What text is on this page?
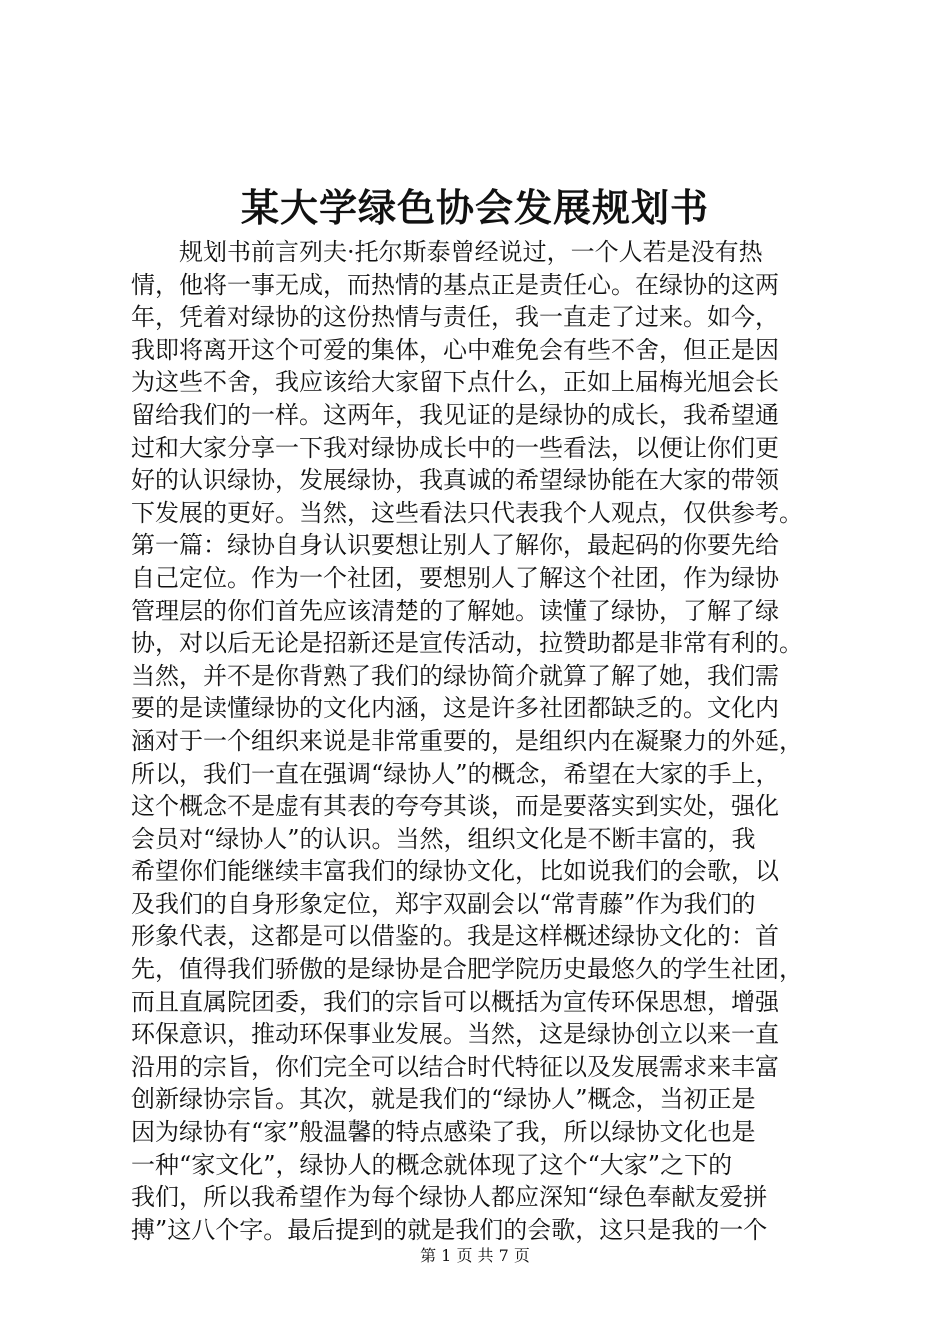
某大学绿色协会发展规划书
　　规划书前言列夫·托尔斯泰曾经说过，一个人若是没有热
情，他将一事无成，而热情的基点正是责任心。在绿协的这两
年，凭着对绿协的这份热情与责任，我一直走了过来。如今，
我即将离开这个可爱的集体，心中难免会有些不舍，但正是因
为这些不舍，我应该给大家留下点什么，正如上届梅光旭会长
留给我们的一样。这两年，我见证的是绿协的成长，我希望通
过和大家分享一下我对绿协成长中的一些看法，以便让你们更
好的认识绿协，发展绿协，我真诚的希望绿协能在大家的带领
下发展的更好。当然，这些看法只代表我个人观点，仅供参考。
第一篇：绿协自身认识要想让别人了解你，最起码的你要先给
自己定位。作为一个社团，要想别人了解这个社团，作为绿协
管理层的你们首先应该清楚的了解她。读懂了绿协，了解了绿
协，对以后无论是招新还是宣传活动，拉赞助都是非常有利的。
当然，并不是你背熟了我们的绿协简介就算了解了她，我们需
要的是读懂绿协的文化内涵，这是许多社团都缺乏的。文化内
涵对于一个组织来说是非常重要的，是组织内在凝聚力的外延，
所以，我们一直在强调“绿协人”的概念，希望在大家的手上，
这个概念不是虚有其表的夸夸其谈，而是要落实到实处，强化
会员对“绿协人”的认识。当然，组织文化是不断丰富的，我
希望你们能继续丰富我们的绿协文化，比如说我们的会歌，以
及我们的自身形象定位，郑宇双副会以“常青藤”作为我们的
形象代表，这都是可以借鉴的。我是这样概述绿协文化的：首
先，值得我们骄傲的是绿协是合肥学院历史最悠久的学生社团，
而且直属院团委，我们的宗旨可以概括为宣传环保思想，增强
环保意识，推动环保事业发展。当然，这是绿协创立以来一直
沿用的宗旨，你们完全可以结合时代特征以及发展需求来丰富
创新绿协宗旨。其次，就是我们的“绿协人”概念，当初正是
因为绿协有“家”般温馨的特点感染了我，所以绿协文化也是
一种“家文化”，绿协人的概念就体现了这个“大家”之下的
我们，所以我希望作为每个绿协人都应深知“绿色奉献友爱拼
搏”这八个字。最后提到的就是我们的会歌，这只是我的一个
第 1 页 共 7 页
